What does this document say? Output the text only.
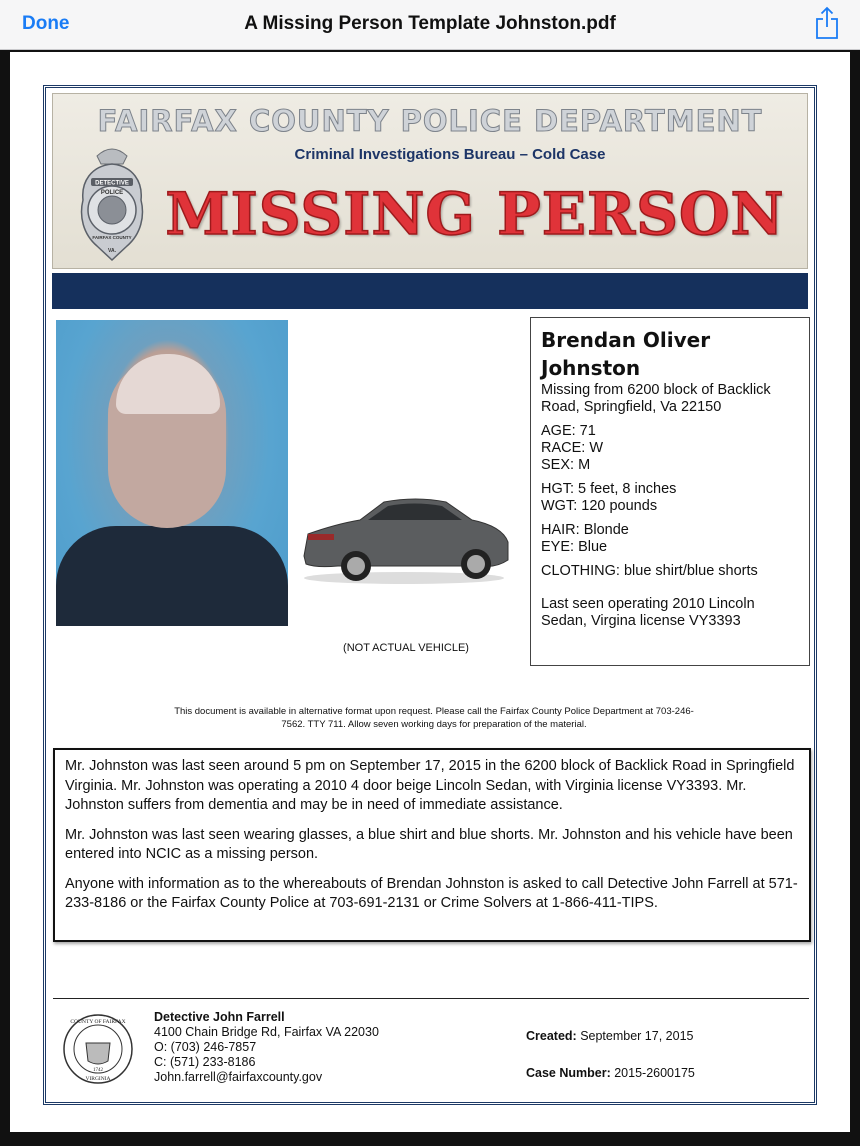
Done	A Missing Person Template Johnston.pdf
FAIRFAX COUNTY POLICE DEPARTMENT
Criminal Investigations Bureau – Cold Case
MISSING PERSON
DETECTIVE
POLICE
FAIRFAX COUNTY
VA.
(NOT ACTUAL VEHICLE)
Brendan Oliver
Johnston

Missing from 6200 block of Backlick Road, Springfield, Va 22150

AGE: 71

RACE: W

SEX: M

HGT: 5 feet, 8 inches

WGT: 120 pounds

HAIR: Blonde

EYE: Blue

CLOTHING: blue shirt/blue shorts

Last seen operating 2010 Lincoln Sedan, Virgina license VY3393

This document is available in alternative format upon request. Please call the Fairfax County Police Department at 703-246-7562. TTY 711. Allow seven working days for preparation of the material.

Mr. Johnston was last seen around 5 pm on September 17, 2015 in the 6200 block of Backlick Road in Springfield Virginia. Mr. Johnston was operating a 2010 4 door beige Lincoln Sedan, with Virginia license VY3393. Mr. Johnston suffers from dementia and may be in need of immediate assistance.

Mr. Johnston was last seen wearing glasses, a blue shirt and blue shorts. Mr. Johnston and his vehicle have been entered into NCIC as a missing person.

Anyone with information as to the whereabouts of Brendan Johnston is asked to call Detective John Farrell at 571-233-8186 or the Fairfax County Police at 703-691-2131 or Crime Solvers at 1-866-411-TIPS.

COUNTY OF FAIRFAX
1742
VIRGINIA
Detective John Farrell
4100 Chain Bridge Rd, Fairfax VA 22030
O: (703) 246-7857
C: (571) 233-8186
John.farrell@fairfaxcounty.gov
Created: September 17, 2015
Case Number: 2015-2600175
